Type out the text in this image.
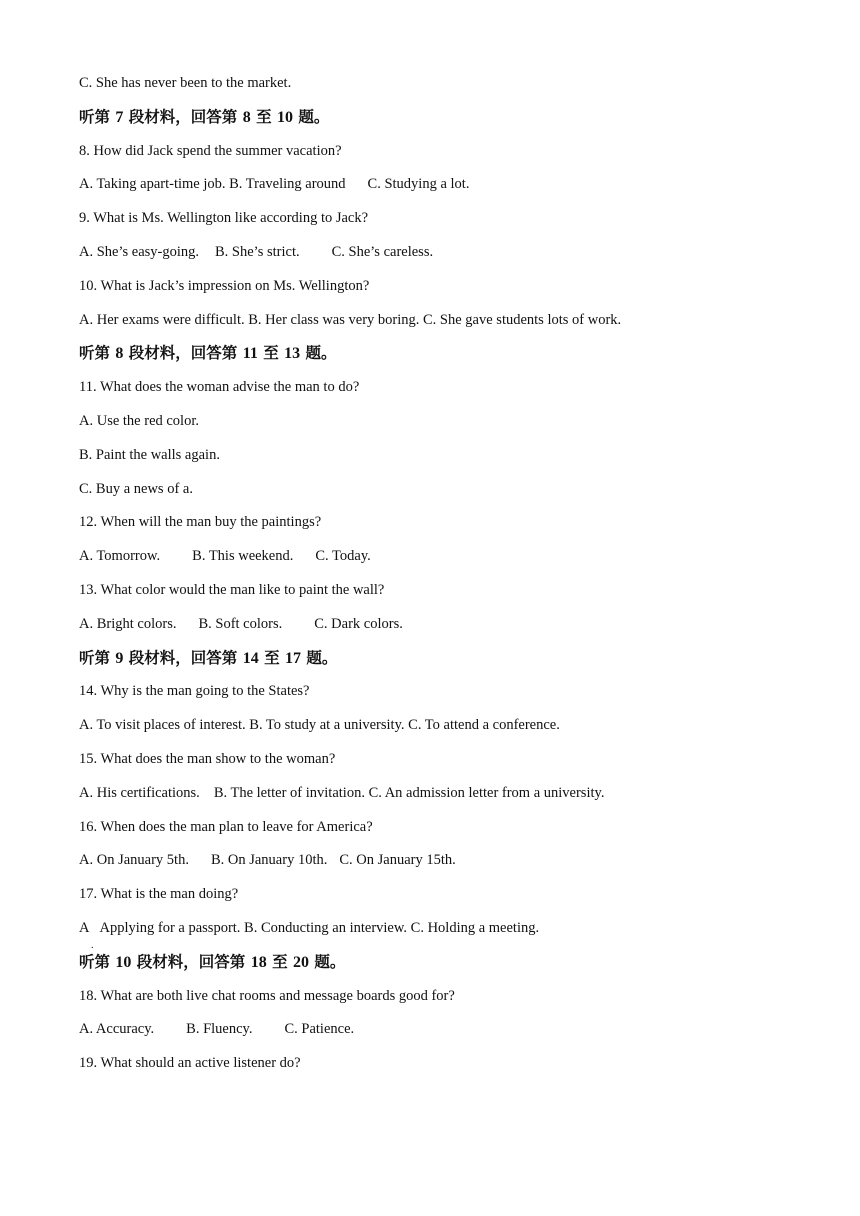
C. She has never been to the market.
听第 7 段材料，回答第 8 至 10 题。
8. How did Jack spend the summer vacation?
A. Taking apart-time job. B. Traveling around C. Studying a lot.
9. What is Ms. Wellington like according to Jack?
A. She’s easy-going. B. She’s strict. C. She’s careless.
10. What is Jack’s impression on Ms. Wellington?
A. Her exams were difficult. B. Her class was very boring. C. She gave students lots of work.
听第 8 段材料，回答第 11 至 13 题。
11. What does the woman advise the man to do?
A. Use the red color.
B. Paint the walls again.
C. Buy a news of a.
12. When will the man buy the paintings?
A. Tomorrow. B. This weekend. C. Today.
13. What color would the man like to paint the wall?
A. Bright colors. B. Soft colors. C. Dark colors.
听第 9 段材料，回答第 14 至 17 题。
14. Why is the man going to the States?
A. To visit places of interest. B. To study at a university. C. To attend a conference.
15. What does the man show to the woman?
A. His certifications. B. The letter of invitation. C. An admission letter from a university.
16. When does the man plan to leave for America?
A. On January 5th. B. On January 10th. C. On January 15th.
17. What is the man doing?
A Applying for a passport. B. Conducting an interview. C. Holding a meeting.
.
听第 10 段材料，回答第 18 至 20 题。
18. What are both live chat rooms and message boards good for?
A. Accuracy. B. Fluency. C. Patience.
19. What should an active listener do?
